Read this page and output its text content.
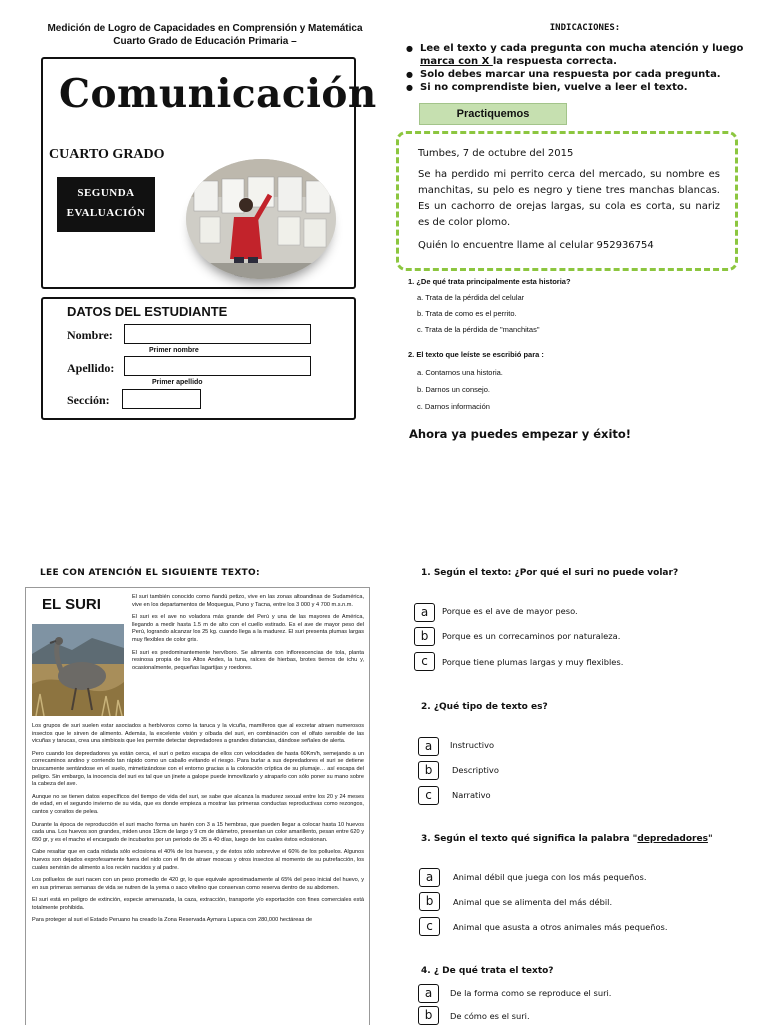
Medición de Logro de Capacidades en Comprensión y Matemática
Cuarto Grado de Educación Primaria –
Comunicación
CUARTO GRADO
SEGUNDA
EVALUACIÓN
DATOS DEL ESTUDIANTE
Nombre:
Primer nombre
Apellido:
Primer apellido
Sección:
INDICACIONES:
● Lee el texto y cada pregunta con mucha atención y luego marca con X la respuesta correcta.
● Solo debes marcar una respuesta por cada pregunta.
● Si no comprendiste bien, vuelve a leer el texto.
Practiquemos
Tumbes, 7 de octubre del 2015
Se ha perdido mi perrito cerca del mercado, su nombre es manchitas, su pelo es negro y tiene tres manchas blancas. Es un cachorro de orejas largas, su cola es corta, su nariz es de color plomo.
Quién lo encuentre llame al celular 952936754
1. ¿De qué trata principalmente esta historia?
a. Trata de la pérdida del celular
b. Trata de como es el perrito.
c. Trata de la pérdida de "manchitas"
2. El texto que leíste se escribió para :
a. Contarnos una historia.
b. Darnos un consejo.
c. Darnos información
Ahora ya puedes empezar y éxito!
LEE CON ATENCIÓN EL SIGUIENTE TEXTO:
EL SURI	El suri también conocido como ñandú petizo, vive en las zonas altoandinas de Sudamérica, vive en los departamentos de Moquegua, Puno y Tacna, entre los 3 000 y 4 700 m.s.n.m.

El suri es el ave no voladora más grande del Perú y una de las mayores de América, llegando a medir hasta 1.5 m de alto con el cuello estirado. Es el ave de mayor peso del Perú, logrando alcanzar los 25 kg. cuando llega a la madurez. El suri presenta plumas largas muy flexibles de color gris.

El suri es predominantemente hervíboro. Se alimenta con inflorescencias de tola, planta resinosa propia de los Altos Andes, la tuna, raíces de hierbas, brotes tiernos de ichu y, ocasionalmente, pequeñas lagartijas y roedores.

Los grupos de suri suelen estar asociados a herbívoros como la taruca y la vicuña, mamíferos que al excretar atraen numerosos insectos que le sirven de alimento. Además, la excelente visión y oíbada del suri, en combinación con el olfato sensible de las vicuñas y tarucas, crea una simbiosis que les permite detectar depredadores a grandes distancias, dándose señales de alerta.

Pero cuando los depredadores ya están cerca, el suri o petizo escapa de ellos con velocidades de hasta 60Km/h, semejando a un correcaminos andino y corriendo tan rápido como un caballo evitando el riesgo. Para burlar a sus depredadores el suri se detiene bruscamente sentándose en el suelo, mimetizándose con el entorno gracias a la coloración críptica de su plumaje… así escapa del peligro. Sin embargo, la inocencia del suri es tal que un jinete a galope puede inmovilizarlo y atraparlo con sólo poner su mano sobre la cabeza del ave.

Aunque no se tienen datos específicos del tiempo de vida del suri, se sabe que alcanza la madurez sexual entre los 20 y 24 meses de edad, en el segundo invierno de su vida, que es donde empieza a mostrar las primeras conductas reproductivas como rezongos, cantos y coraitos de pelea.

Durante la época de reproducción el suri macho forma un harén con 3 a 15 hembras, que pueden llegar a colocar hasta 10 huevos cada una. Los huevos son grandes, miden unos 19cm de largo y 9 cm de diámetro, presentan un color amarillento, pesan entre 620 y 650 gr, y es el macho el encargado de incubarlos por un periodo de 35 a 40 días, luego de los cuales éstos eclosionan.

Cabe resaltar que en cada nidada sólo eclosiona el 40% de los huevos, y de éstos sólo sobrevive el 60% de los polluelos. Algunos huevos son dejados exprofesamente fuera del nido con el fin de atraer moscas y otros insectos al momento de su putrefacción, los cuales servirán de alimento a los recién nacidos y al padre.

Los polluelos de suri nacen con un peso promedio de 420 gr, lo que equivale aproximadamente al 65% del peso inicial del huevo, y en sus primeras semanas de vida se nutren de la yema o saco vitelino que conservan como reserva dentro de su abdomen.

El suri está en peligro de extinción, especie amenazada, la caza, extracción, transporte y/o exportación con fines comerciales está totalmente prohibida.

Para proteger al suri el Estado Peruano ha creado la Zona Reservada Aymara Lupaca con 280,000 hectáreas de

1. Según el texto: ¿Por qué el suri no puede volar?
a	Porque es el ave de mayor peso.
b	Porque es un correcaminos por naturaleza.
c	Porque tiene plumas largas y muy flexibles.
2. ¿Qué tipo de texto es?
a	Instructivo
b	Descriptivo
c	Narrativo
3. Según el texto qué significa la palabra "depredadores"
a	Animal débil que juega con los más pequeños.
b	Animal que se alimenta del más débil.
c	Animal que asusta a otros animales más pequeños.
4. ¿ De qué trata el texto?
a	De la forma como se reproduce el suri.
b	De cómo es el suri.
